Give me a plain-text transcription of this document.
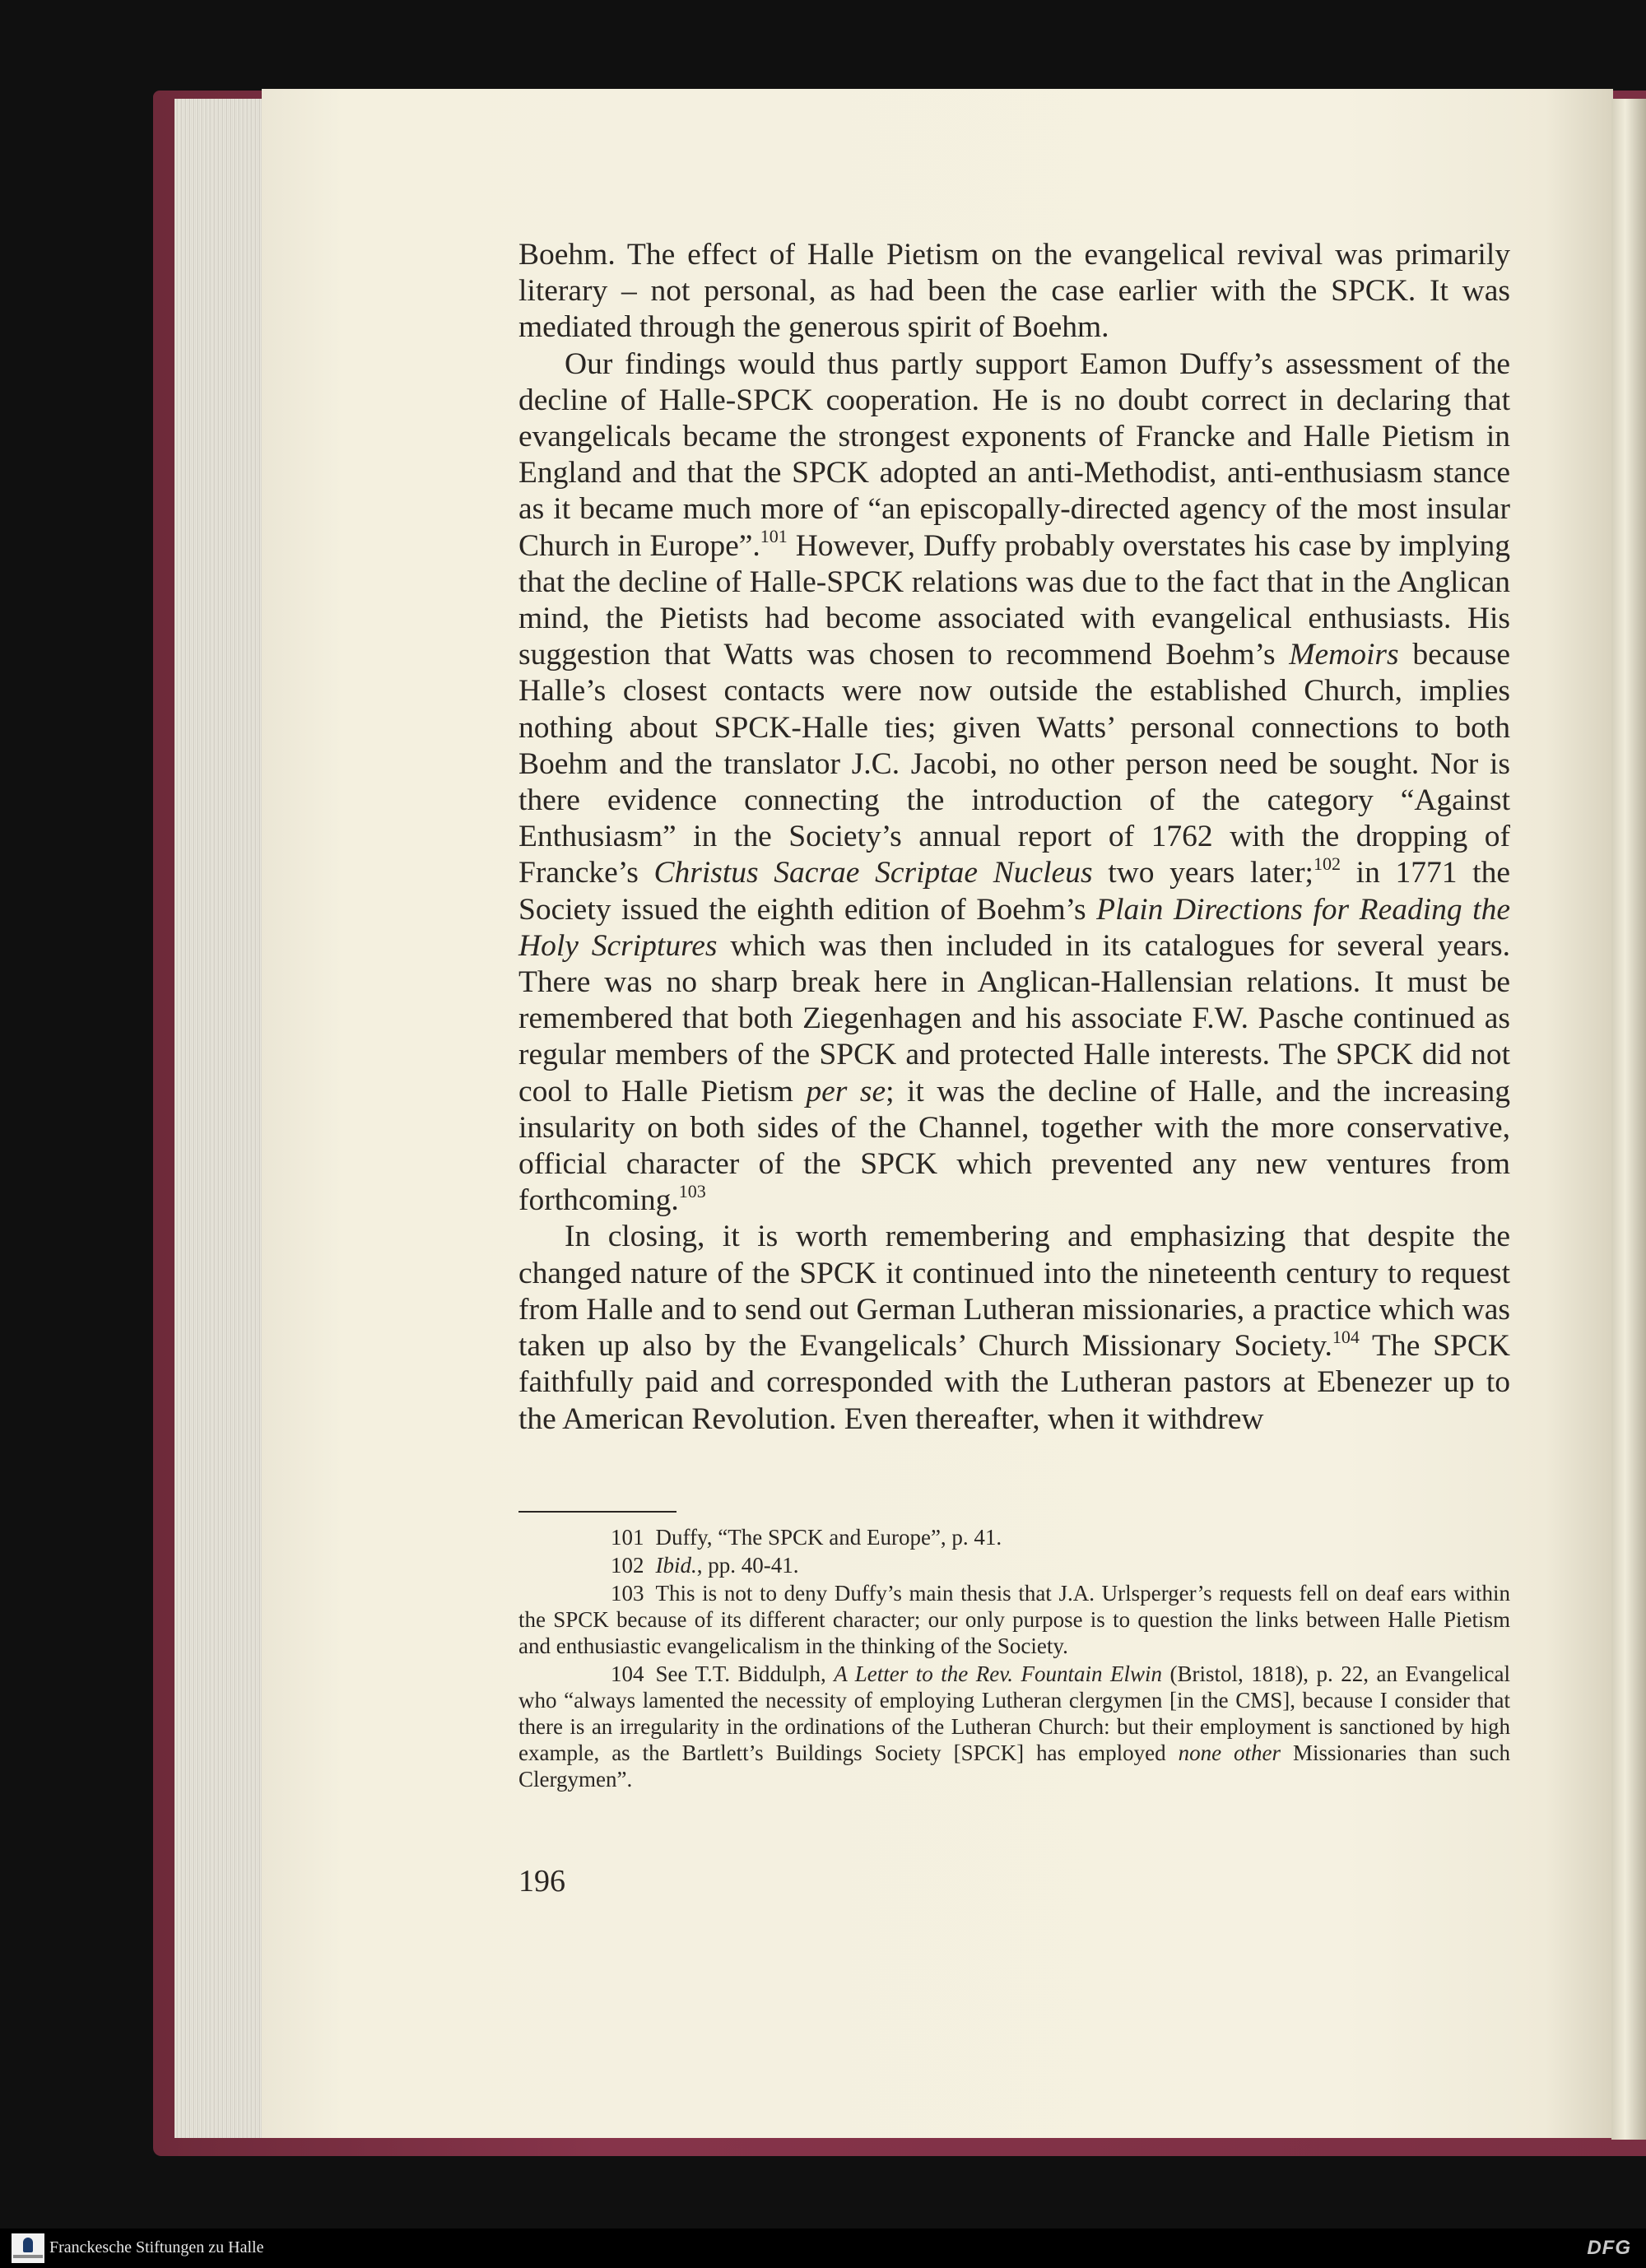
Boehm. The effect of Halle Pietism on the evangelical revival was primarily literary – not personal, as had been the case earlier with the SPCK. It was mediated through the generous spirit of Boehm.

Our findings would thus partly support Eamon Duffy’s assessment of the decline of Halle-SPCK cooperation. He is no doubt correct in declaring that evangelicals became the strongest exponents of Francke and Halle Pietism in England and that the SPCK adopted an anti-Methodist, anti-enthusiasm stance as it became much more of “an episcopally-directed agency of the most insular Church in Europe”.$^{101}$ However, Duffy probably overstates his case by implying that the decline of Halle-SPCK relations was due to the fact that in the Anglican mind, the Pietists had become associated with evangelical enthusiasts. His suggestion that Watts was chosen to recommend Boehm’s Memoirs because Halle’s closest contacts were now outside the established Church, implies nothing about SPCK-Halle ties; given Watts’ personal connections to both Boehm and the translator J.C. Jacobi, no other person need be sought. Nor is there evidence connecting the introduction of the category “Against Enthusiasm” in the Society’s annual report of 1762 with the dropping of Francke’s Christus Sacrae Scriptae Nucleus two years later;$^{102}$ in 1771 the Society issued the eighth edition of Boehm’s Plain Directions for Reading the Holy Scriptures which was then included in its catalogues for several years. There was no sharp break here in Anglican-Hallensian relations. It must be remembered that both Ziegenhagen and his associate F.W. Pasche continued as regular members of the SPCK and protected Halle interests. The SPCK did not cool to Halle Pietism per se; it was the decline of Halle, and the increasing insularity on both sides of the Channel, together with the more conservative, official character of the SPCK which prevented any new ventures from forthcoming.$^{103}$

In closing, it is worth remembering and emphasizing that despite the changed nature of the SPCK it continued into the nineteenth century to request from Halle and to send out German Lutheran missionaries, a practice which was taken up also by the Evangelicals’ Church Missionary Society.$^{104}$ The SPCK faithfully paid and corresponded with the Lutheran pastors at Ebenezer up to the American Revolution. Even thereafter, when it withdrew

101 Duffy, “The SPCK and Europe”, p. 41.

102 Ibid., pp. 40-41.

103 This is not to deny Duffy’s main thesis that J.A. Urlsperger’s requests fell on deaf ears within the SPCK because of its different character; our only purpose is to question the links between Halle Pietism and enthusiastic evangelicalism in the thinking of the Society.

104 See T.T. Biddulph, A Letter to the Rev. Fountain Elwin (Bristol, 1818), p. 22, an Evangelical who “always lamented the necessity of employing Lutheran clergymen [in the CMS], because I consider that there is an irregularity in the ordinations of the Lutheran Church: but their employment is sanctioned by high example, as the Bartlett’s Buildings Society [SPCK] has employed none other Missionaries than such Clergymen”.

196
Franckesche Stiftungen zu Halle	DFG
